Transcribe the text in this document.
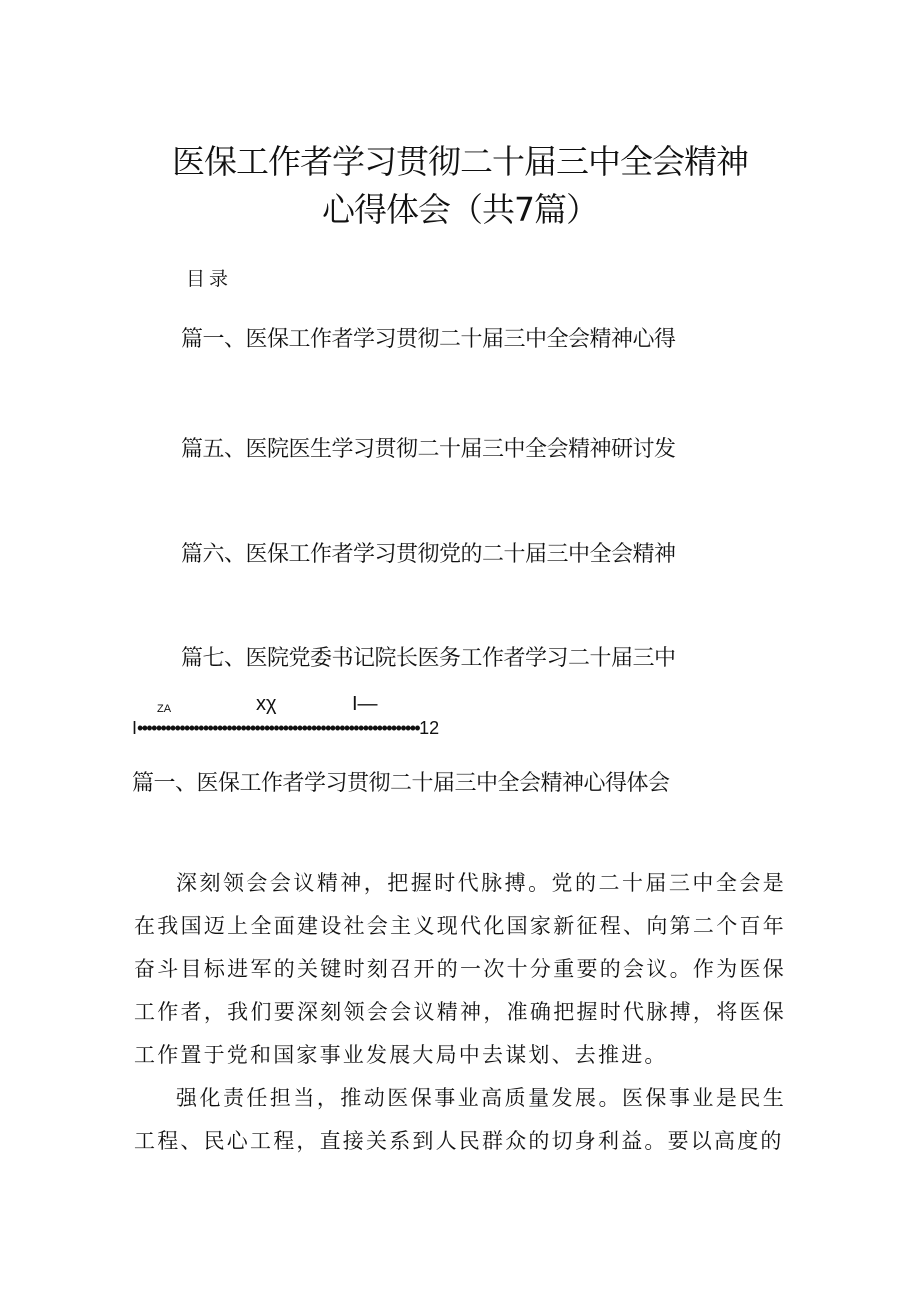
医保工作者学习贯彻二十届三中全会精神
心得体会（共7篇）
目录
篇一、医保工作者学习贯彻二十届三中全会精神心得
篇五、医院医生学习贯彻二十届三中全会精神研讨发
篇六、医保工作者学习贯彻党的二十届三中全会精神
篇七、医院党委书记院长医务工作者学习二十届三中
ZA	xχ	I—
I••••••••••••••••••••••••••••••••••••••••••••••••••••••••••••12
篇一、医保工作者学习贯彻二十届三中全会精神心得体会

深刻领会会议精神，把握时代脉搏。党的二十届三中全会是在我国迈上全面建设社会主义现代化国家新征程、向第二个百年奋斗目标进军的关键时刻召开的一次十分重要的会议。作为医保工作者，我们要深刻领会会议精神，准确把握时代脉搏，将医保工作置于党和国家事业发展大局中去谋划、去推进。

强化责任担当，推动医保事业高质量发展。医保事业是民生工程、民心工程，直接关系到人民群众的切身利益。要以高度的
